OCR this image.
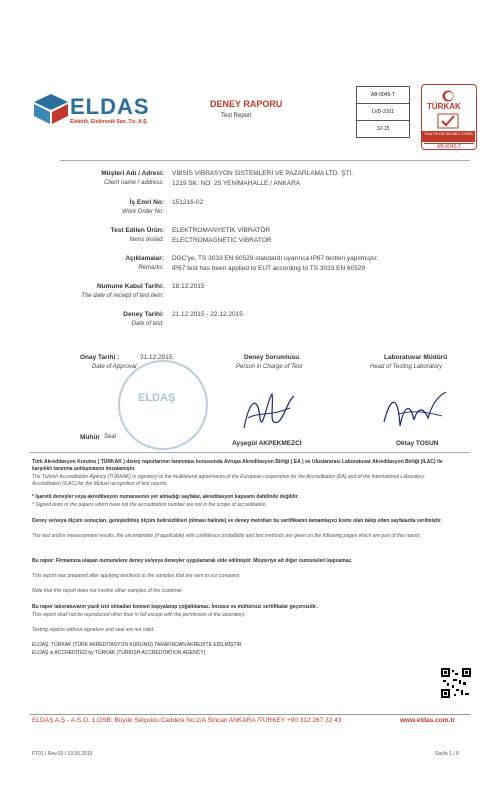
ELDAS
Elektrik, Elektronik San. Tic. A.Ş.
DENEY RAPORU
Test Report
AB-0045-T
LVD-3101
12-15
TÜRKAK
Test TS EN ISO/IEC 17025
AB-0045-T
Müşteri Adı / Adresi:
Client name / address:
VİBSİS VİBRASYON SİSTEMLERİ VE PAZARLAMA LTD. ŞTİ.
1219 SK. NO: 25 YENİMAHALLE / ANKARA
İş Emri No:
Work Order No:
151216-02
Test Edilen Ürün:
Items tested:
ELEKTROMANYETİK VİBRATÖR
ELECTROMAGNETIC VIBRATOR
Açıklamalar:
Remarks:
DGC'ye, TS 3033 EN 60529 standardı uyarınca IP67 testleri yapılmıştır.
IP67 test has been applied to EUT according to TS 3033 EN 60529
Numune Kabul Tarihi:
The date of receipt of test item:
18.12.2015
Deney Tarihi:
Date of test:
21.12.2015 - 22.12.2015
Onay Tarihi :	31.12.2015
Date of Approval
Deney Sorumlusu
Person in Charge of Test
Laboratuvar Müdürü
Head of Testing Laboratory
ELDAŞ
Ayşegül AKPEKMEZCİ	Oktay TOSUN
Mühür Seal
Türk Akreditasyon Kurumu ( TÜRKAK ) deney raporlarının tanınması konusunda Avrupa Akreditasyon Birliği ( EA ) ve Uluslararası Laboratuvar Akreditasyon Birliği (ILAC) ile karşılıklı tanınma antlaşmasını imzalamıştır.
The Turkish Accreditation Agency (TÜRKAK) is signatory to the multilateral agreements of the European cooperation for the Accreditation (EA) and of the International Laboratory Accreditation (ILAC) for the Mutual recognition of test reports.
* İşaretli deneyler veya akreditasyon numarasının yer almadığı sayfalar, akreditasyon kapsamı dahilinde değildir.
* Signed tests or the papers which have not the accreditation number are not in the scope of accreditation.
Deney ve/veya ölçüm sonuçları, genişletilmiş ölçüm belirsizlikleri (olması halinde) ve deney metotları bu sertifikanın tamamlayıcı kısmı olan takip eden sayfalarda verilmiştir.
The test and/or measurement results, the uncertainties (if applicable) with confidence probability and test methods are given on the following pages which are part of this report.
Bu rapor: Firmamıza ulaşan numunelere deney ve/veya deneyler uygulanarak elde edilmiştir. Müşteriye ait diğer numuneleri kapsamaz.
This report was prepared after applying test/tests to the samples that are sent to our company.
Note that this report does not involve other samples of the customer.
Bu rapor laboratuvarın yazılı izni olmadan kısmen kopyalanıp çoğaltılamaz. İmzasız ve mühürsüz sertifikalar geçersizdir.
This report shall not be reproduced other than in full except with the permission of the laboratory.
Testing reports without signature and seal are not valid.
ELDAŞ; TÜRKAK (TÜRK AKREDİTASYON KURUMU) TARAFINDAN AKREDİTE EDİLMİŞTİR
ELDAŞ is ACCREDITED by TÜRKAK (TURKISH ACCREDITATION AGENCY)
ELDAŞ A.Ş - A.S.O. 1.OSB. Büyük Selçuklu Caddesi No:2/A Sincan ANKARA /TURKEY +90 312 267 32 43	www.eldas.com.tr
FT01 / Rev.02 / 13.05.2015	Sayfa 1 / 8
